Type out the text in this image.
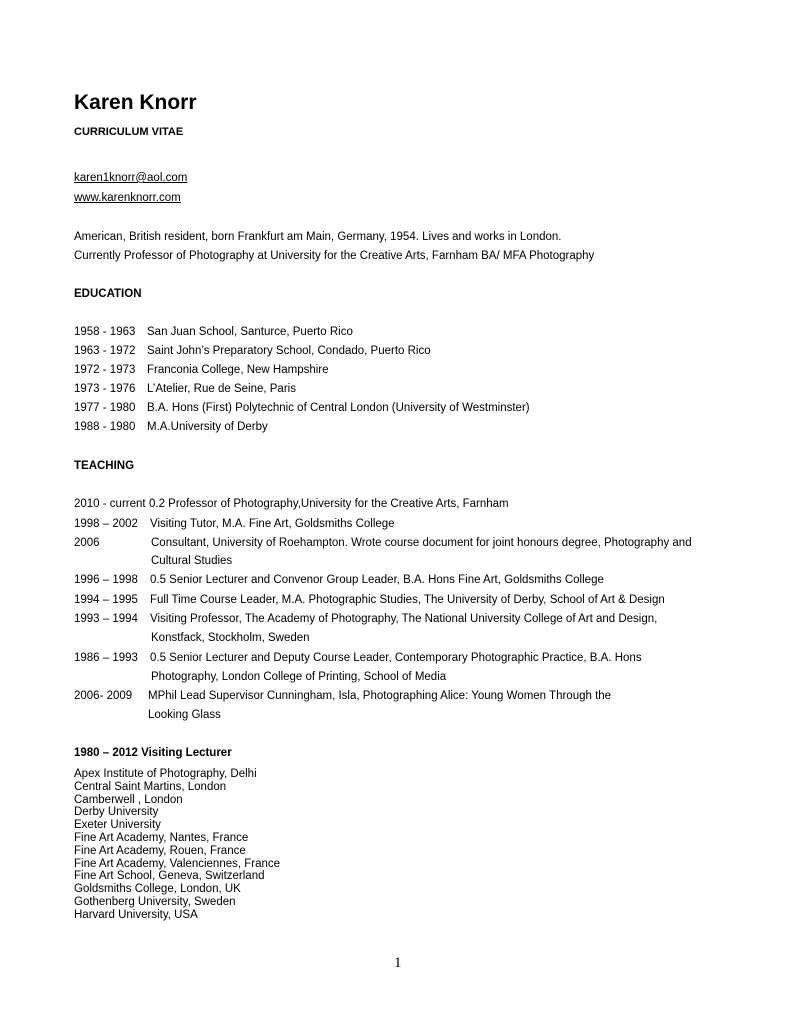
Karen Knorr
CURRICULUM VITAE
karen1knorr@aol.com
www.karenknorr.com
American, British resident, born Frankfurt am Main, Germany, 1954. Lives and works in London.
Currently Professor of Photography at University for the Creative Arts, Farnham BA/ MFA Photography
EDUCATION
1958 - 1963 San Juan School, Santurce, Puerto Rico
1963 - 1972 Saint John’s Preparatory School, Condado, Puerto Rico
1972 - 1973 Franconia College, New Hampshire
1973 - 1976 L’Atelier, Rue de Seine, Paris
1977 - 1980 B.A. Hons (First) Polytechnic of Central London (University of Westminster)
1988 - 1980 M.A.University of Derby
TEACHING
2010 - current 0.2 Professor of Photography,University for the Creative Arts, Farnham
1998 – 2002 Visiting Tutor, M.A. Fine Art, Goldsmiths College
2006	Consultant, University of Roehampton. Wrote course document for joint honours degree, Photography and
Cultural Studies
1996 – 1998 0.5 Senior Lecturer and Convenor Group Leader, B.A. Hons Fine Art, Goldsmiths College
1994 – 1995 Full Time Course Leader, M.A. Photographic Studies, The University of Derby, School of Art & Design
1993 – 1994 Visiting Professor, The Academy of Photography, The National University College of Art and Design,
Konstfack, Stockholm, Sweden
1986 – 1993 0.5 Senior Lecturer and Deputy Course Leader, Contemporary Photographic Practice, B.A. Hons
Photography, London College of Printing, School of Media
2006- 2009 MPhil Lead Supervisor Cunningham, Isla, Photographing Alice: Young Women Through the
Looking Glass
1980 – 2012 Visiting Lecturer
Apex Institute of Photography, Delhi
Central Saint Martins, London
Camberwell , London
Derby University
Exeter University
Fine Art Academy, Nantes, France
Fine Art Academy, Rouen, France
Fine Art Academy, Valenciennes, France
Fine Art School, Geneva, Switzerland
Goldsmiths College, London, UK
Gothenberg University, Sweden
Harvard University, USA
1
